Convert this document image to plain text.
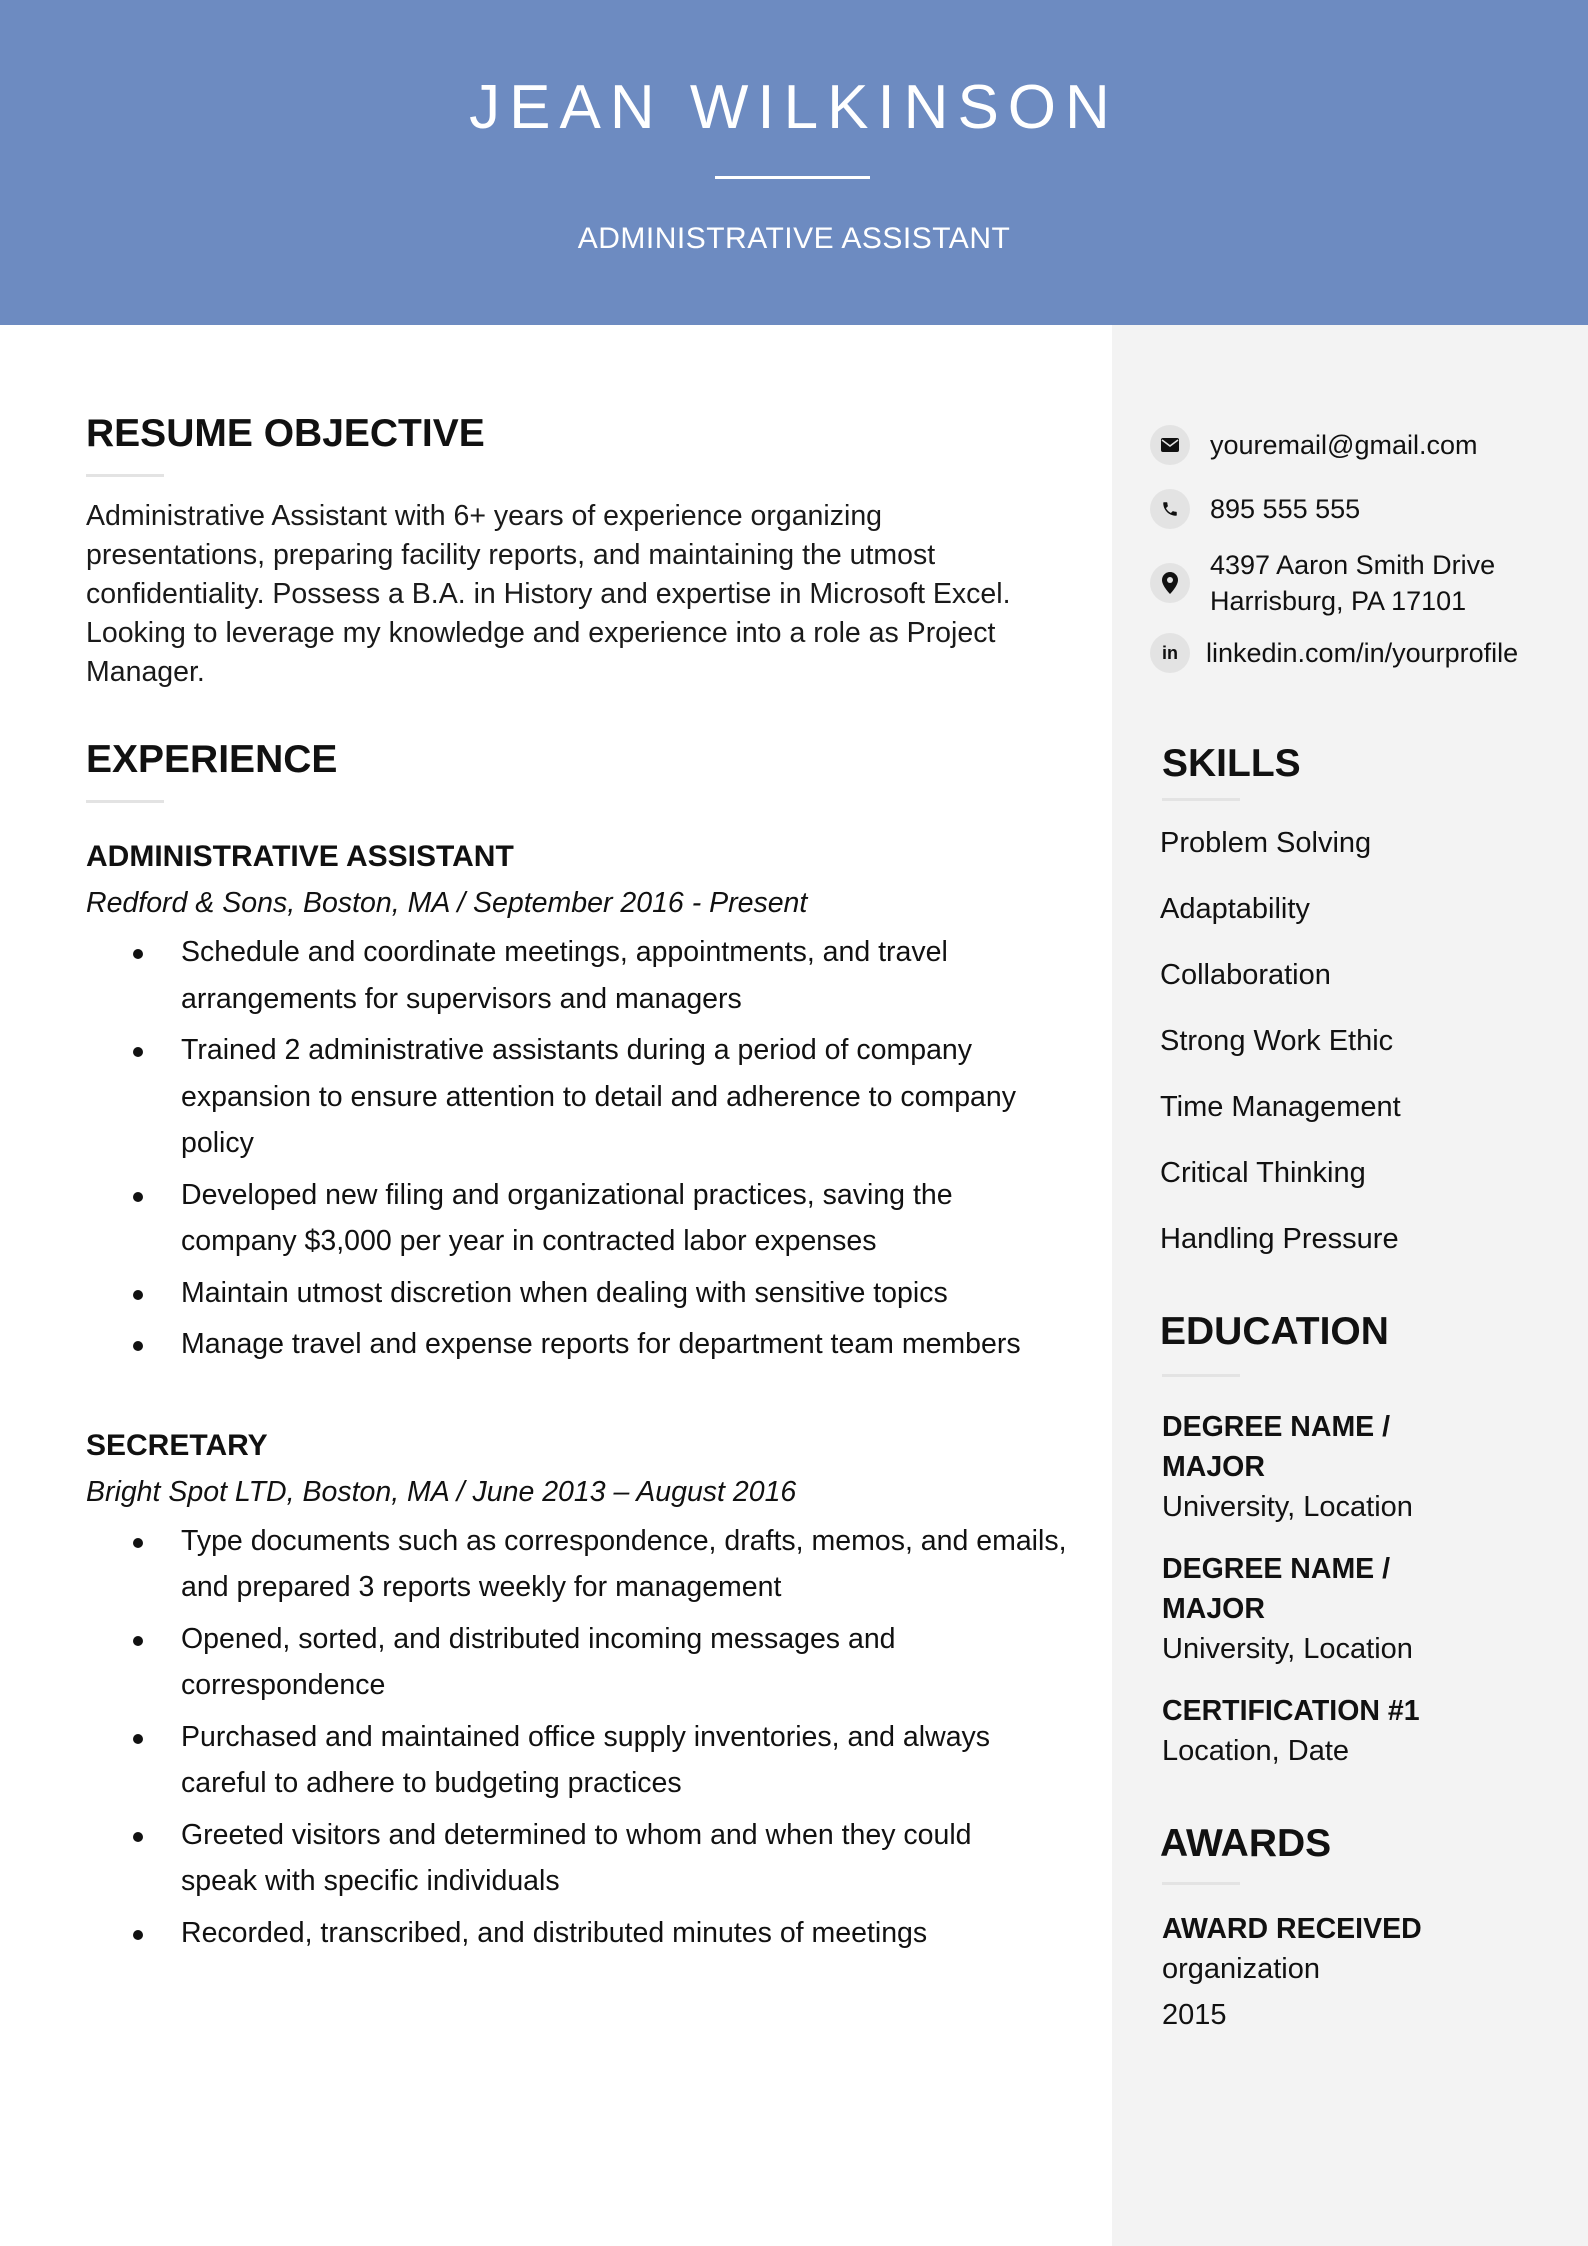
JEAN WILKINSON
ADMINISTRATIVE ASSISTANT
RESUME OBJECTIVE
Administrative Assistant with 6+ years of experience organizing
presentations, preparing facility reports, and maintaining the utmost
confidentiality. Possess a B.A. in History and expertise in Microsoft Excel.
Looking to leverage my knowledge and experience into a role as Project
Manager.
EXPERIENCE
ADMINISTRATIVE ASSISTANT
Redford & Sons, Boston, MA / September 2016 - Present
Schedule and coordinate meetings, appointments, and travel
arrangements for supervisors and managers
Trained 2 administrative assistants during a period of company
expansion to ensure attention to detail and adherence to company
policy
Developed new filing and organizational practices, saving the
company $3,000 per year in contracted labor expenses
Maintain utmost discretion when dealing with sensitive topics
Manage travel and expense reports for department team members
SECRETARY
Bright Spot LTD, Boston, MA / June 2013 – August 2016
Type documents such as correspondence, drafts, memos, and emails,
and prepared 3 reports weekly for management
Opened, sorted, and distributed incoming messages and
correspondence
Purchased and maintained office supply inventories, and always
careful to adhere to budgeting practices
Greeted visitors and determined to whom and when they could
speak with specific individuals
Recorded, transcribed, and distributed minutes of meetings
youremail@gmail.com
895 555 555
4397 Aaron Smith Drive
Harrisburg, PA 17101
in	linkedin.com/in/yourprofile
SKILLS
Problem Solving
Adaptability
Collaboration
Strong Work Ethic
Time Management
Critical Thinking
Handling Pressure
EDUCATION
DEGREE NAME /
MAJOR
University, Location
DEGREE NAME /
MAJOR
University, Location
CERTIFICATION #1
Location, Date
AWARDS
AWARD RECEIVED
organization
2015
